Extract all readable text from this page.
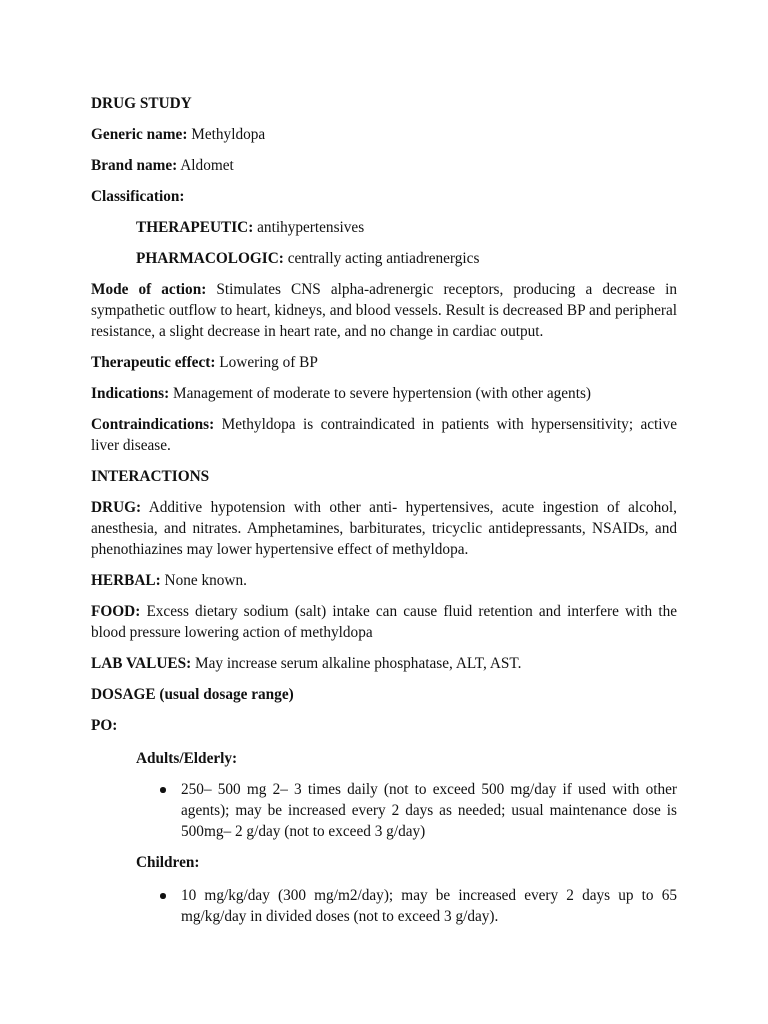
DRUG STUDY

Generic name: Methyldopa

Brand name: Aldomet

Classification:

THERAPEUTIC: antihypertensives

PHARMACOLOGIC: centrally acting antiadrenergics

Mode of action: Stimulates CNS alpha-adrenergic receptors, producing a decrease in sympathetic outflow to heart, kidneys, and blood vessels. Result is decreased BP and peripheral resistance, a slight decrease in heart rate, and no change in cardiac output.

Therapeutic effect: Lowering of BP

Indications: Management of moderate to severe hypertension (with other agents)

Contraindications: Methyldopa is contraindicated in patients with hypersensitivity; active liver disease.

INTERACTIONS

DRUG: Additive hypotension with other anti- hypertensives, acute ingestion of alcohol, anesthesia, and nitrates. Amphetamines, barbiturates, tricyclic antidepressants, NSAIDs, and phenothiazines may lower hypertensive effect of methyldopa.

HERBAL: None known.

FOOD: Excess dietary sodium (salt) intake can cause fluid retention and interfere with the blood pressure lowering action of methyldopa

LAB VALUES: May increase serum alkaline phosphatase, ALT, AST.

DOSAGE (usual dosage range)

PO:

Adults/Elderly:

250– 500 mg 2– 3 times daily (not to exceed 500 mg/day if used with other agents); may be increased every 2 days as needed; usual maintenance dose is 500mg– 2 g/day (not to exceed 3 g/day)

Children:

10 mg/kg/day (300 mg/m2/day); may be increased every 2 days up to 65 mg/kg/day in divided doses (not to exceed 3 g/day).
